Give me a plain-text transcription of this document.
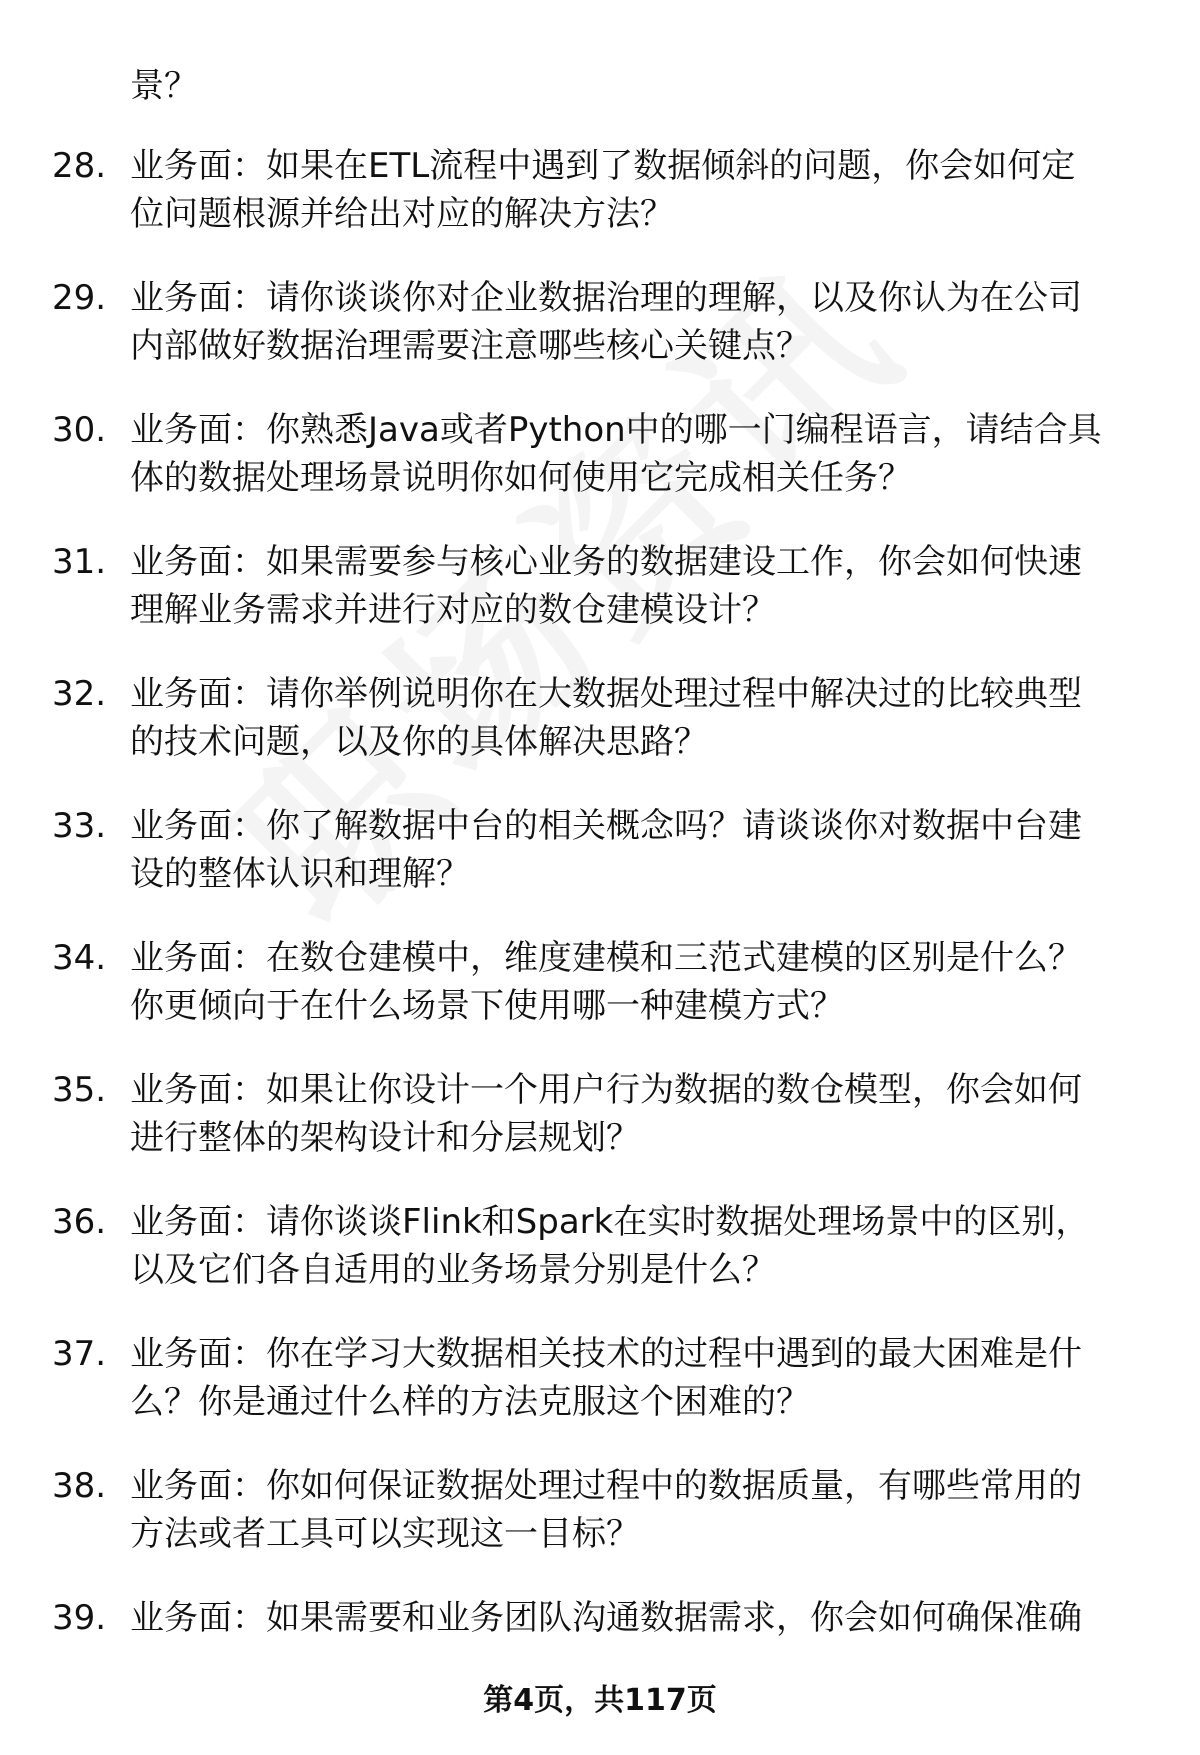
景？
28. 业务面：如果在ETL流程中遇到了数据倾斜的问题，你会如何定
位问题根源并给出对应的解决方法？
29. 业务面：请你谈谈你对企业数据治理的理解，以及你认为在公司
内部做好数据治理需要注意哪些核心关键点？
30. 业务面：你熟悉Java或者Python中的哪一门编程语言，请结合具
体的数据处理场景说明你如何使用它完成相关任务？
31. 业务面：如果需要参与核心业务的数据建设工作，你会如何快速
理解业务需求并进行对应的数仓建模设计？
32. 业务面：请你举例说明你在大数据处理过程中解决过的比较典型
的技术问题，以及你的具体解决思路？
33. 业务面：你了解数据中台的相关概念吗？请谈谈你对数据中台建
设的整体认识和理解？
34. 业务面：在数仓建模中，维度建模和三范式建模的区别是什么？
你更倾向于在什么场景下使用哪一种建模方式？
35. 业务面：如果让你设计一个用户行为数据的数仓模型，你会如何
进行整体的架构设计和分层规划？
36. 业务面：请你谈谈Flink和Spark在实时数据处理场景中的区别，
以及它们各自适用的业务场景分别是什么？
37. 业务面：你在学习大数据相关技术的过程中遇到的最大困难是什
么？你是通过什么样的方法克服这个困难的？
38. 业务面：你如何保证数据处理过程中的数据质量，有哪些常用的
方法或者工具可以实现这一目标？
39. 业务面：如果需要和业务团队沟通数据需求，你会如何确保准确
第4页，共117页
